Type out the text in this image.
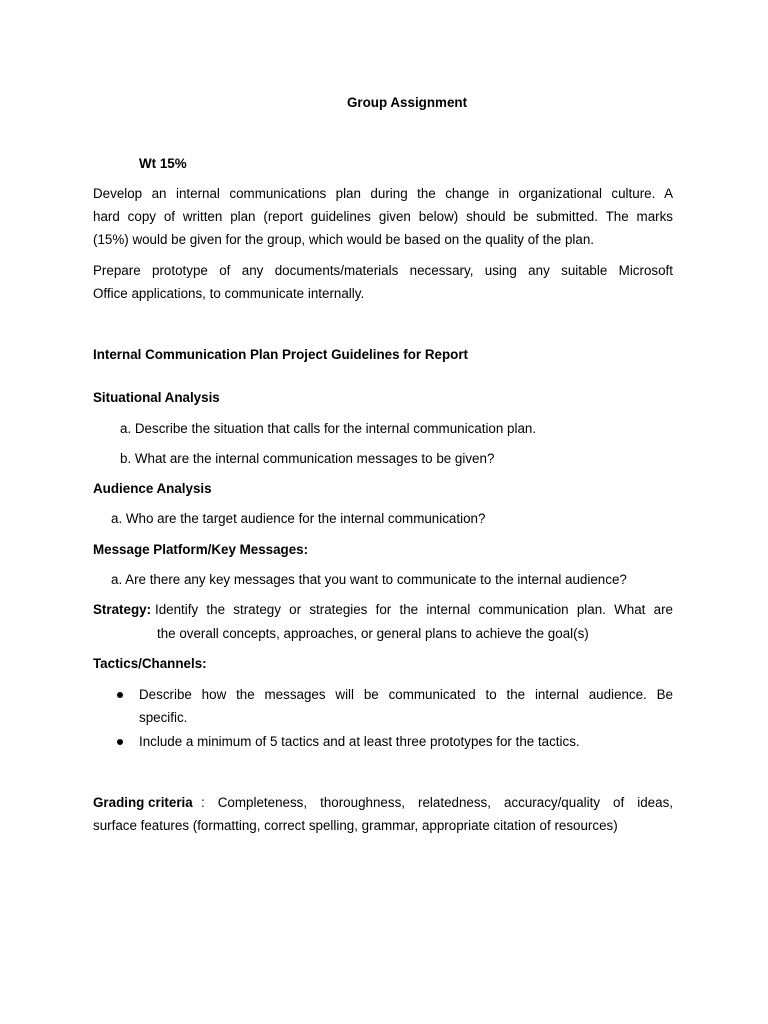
Group Assignment
Wt 15%
Develop an internal communications plan during the change in organizational culture. A
hard copy of written plan (report guidelines given below) should be submitted. The marks
(15%) would be given for the group, which would be based on the quality of the plan.
Prepare prototype of any documents/materials necessary, using any suitable Microsoft
Office applications, to communicate internally.
Internal Communication Plan Project Guidelines for Report
Situational Analysis
a. Describe the situation that calls for the internal communication plan.
b. What are the internal communication messages to be given?
Audience Analysis
a. Who are the target audience for the internal communication?
Message Platform/Key Messages:
a. Are there any key messages that you want to communicate to the internal audience?
Strategy: Identify the strategy or strategies for the internal communication plan. What are
the overall concepts, approaches, or general plans to achieve the goal(s)
Tactics/Channels:
Describe how the messages will be communicated to the internal audience. Be
specific.
Include a minimum of 5 tactics and at least three prototypes for the tactics.
Grading criteria : Completeness, thoroughness, relatedness, accuracy/quality of ideas,
surface features (formatting, correct spelling, grammar, appropriate citation of resources)
